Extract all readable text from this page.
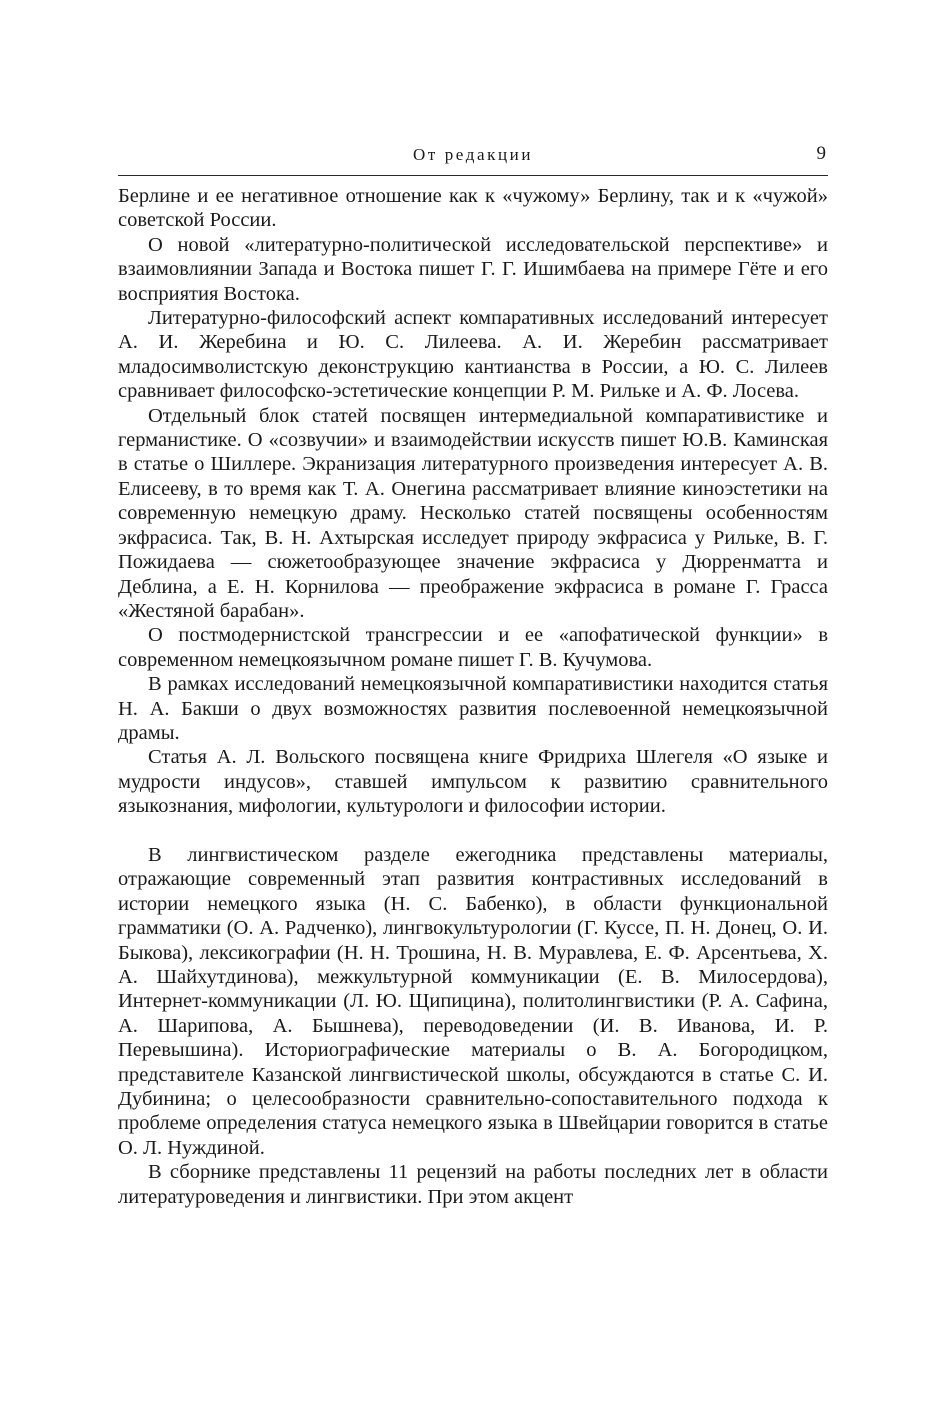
От редакции	9

Берлине и ее негативное отношение как к «чужому» Берлину, так и к «чужой» советской России.

О новой «литературно-политической исследовательской перспективе» и взаимовлиянии Запада и Востока пишет Г. Г. Ишимбаева на примере Гёте и его восприятия Востока.

Литературно-философский аспект компаративных исследований интересует А. И. Жеребина и Ю. С. Лилеева. А. И. Жеребин рассматривает младосимволистскую деконструкцию кантианства в России, а Ю. С. Лилеев сравнивает философско-эстетические концепции Р. М. Рильке и А. Ф. Лосева.

Отдельный блок статей посвящен интермедиальной компаративистике и германистике. О «созвучии» и взаимодействии искусств пишет Ю.В. Каминская в статье о Шиллере. Экранизация литературного произведения интересует А. В. Елисееву, в то время как Т. А. Онегина рассматривает влияние киноэстетики на современную немецкую драму. Несколько статей посвящены особенностям экфрасиса. Так, В. Н. Ахтырская исследует природу экфрасиса у Рильке, В. Г. Пожидаева — сюжетообразующее значение экфрасиса у Дюрренматта и Деблина, а Е. Н. Корнилова — преображение экфрасиса в романе Г. Грасса «Жестяной барабан».

О постмодернистской трансгрессии и ее «апофатической функции» в современном немецкоязычном романе пишет Г. В. Кучумова.

В рамках исследований немецкоязычной компаративистики находится статья Н. А. Бакши о двух возможностях развития послевоенной немецкоязычной драмы.

Статья А. Л. Вольского посвящена книге Фридриха Шлегеля «О языке и мудрости индусов», ставшей импульсом к развитию сравнительного языкознания, мифологии, культурологи и философии истории.

В лингвистическом разделе ежегодника представлены материалы, отражающие современный этап развития контрастивных исследований в истории немецкого языка (Н. С. Бабенко), в области функциональной грамматики (О. А. Радченко), лингвокультурологии (Г. Куссе, П. Н. Донец, О. И. Быкова), лексикографии (Н. Н. Трошина, Н. В. Муравлева, Е. Ф. Арсентьева, Х. А. Шайхутдинова), межкультурной коммуникации (Е. В. Милосердова), Интернет-коммуникации (Л. Ю. Щипицина), политолингвистики (Р. А. Сафина, А. Шарипова, А. Бышнева), переводоведении (И. В. Иванова, И. Р. Перевышина). Историографические материалы о В. А. Богородицком, представителе Казанской лингвистической школы, обсуждаются в статье С. И. Дубинина; о целесообразности сравнительно-сопоставительного подхода к проблеме определения статуса немецкого языка в Швейцарии говорится в статье О. Л. Нуждиной.

В сборнике представлены 11 рецензий на работы последних лет в области литературоведения и лингвистики. При этом акцент
